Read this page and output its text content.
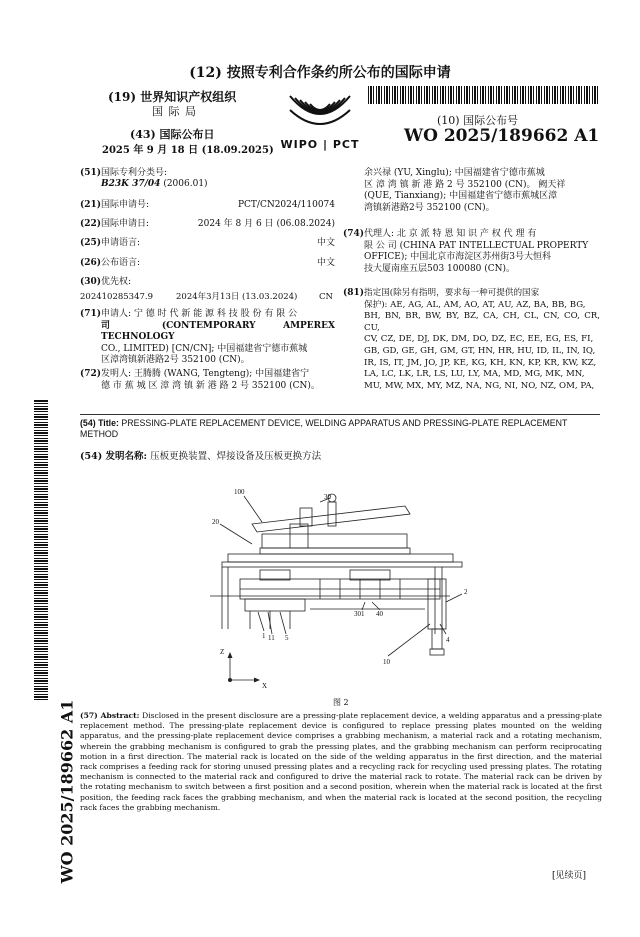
(12) 按照专利合作条约所公布的国际申请
(19) 世界知识产权组织
国 际 局
(43) 国际公布日
2025 年 9 月 18 日 (18.09.2025) WIPO | PCT
(10) 国际公布号
WO 2025/189662 A1
(51) 国际专利分类号:
B23K 37/04 (2006.01)
(21) 国际申请号:	PCT/CN2024/110074
(22) 国际申请日:	2024 年 8 月 6 日 (06.08.2024)
(25) 申请语言:	中文
(26) 公布语言:	中文
(30) 优先权:
202410285347.9	2024年3月13日 (13.03.2024)	CN
(71) 申请人: 宁 德 时 代 新 能 源 科 技 股 份 有 限 公
司 (CONTEMPORARY AMPEREX TECHNOLOGY
CO., LIMITED) [CN/CN]; 中国福建省宁德市蕉城
区漳湾镇新港路2号 352100 (CN)。
(72) 发明人: 王腾腾 (WANG, Tengteng); 中国福建省宁
德 市 蕉 城 区 漳 湾 镇 新 港 路 2 号 352100 (CN)。
余兴禄 (YU, Xinglu); 中国福建省宁德市蕉城
区 漳 湾 镇 新 港 路 2 号 352100 (CN)。 阙天祥
(QUE, Tianxiang); 中国福建省宁德市蕉城区漳
湾镇新港路2号 352100 (CN)。
(74) 代理人: 北 京 派 特 恩 知 识 产 权 代 理 有
限 公 司 (CHINA PAT INTELLECTUAL PROPERTY
OFFICE); 中国北京市海淀区苏州街3号大恒科
技大厦南座五层503 100080 (CN)。
(81) 指定国(除另有指明，要求每一种可提供的国家
保护): AE, AG, AL, AM, AO, AT, AU, AZ, BA, BB, BG,
BH, BN, BR, BW, BY, BZ, CA, CH, CL, CN, CO, CR, CU,
CV, CZ, DE, DJ, DK, DM, DO, DZ, EC, EE, EG, ES, FI,
GB, GD, GE, GH, GM, GT, HN, HR, HU, ID, IL, IN, IQ,
IR, IS, IT, JM, JO, JP, KE, KG, KH, KN, KP, KR, KW, KZ,
LA, LC, LK, LR, LS, LU, LY, MA, MD, MG, MK, MN,
MU, MW, MX, MY, MZ, NA, NG, NI, NO, NZ, OM, PA,
WO 2025/189662 A1
(54) Title: PRESSING-PLATE REPLACEMENT DEVICE, WELDING APPARATUS AND PRESSING-PLATE REPLACEMENT METHOD
(54) 发明名称: 压板更换装置、焊接设备及压板更换方法
100
30
20
2
301 40
1 11 5	4
10
Z
X
图 2
(57) Abstract: Disclosed in the present disclosure are a pressing-plate replacement device, a welding apparatus and a pressing-plate replacement method. The pressing-plate replacement device is configured to replace pressing plates mounted on the welding apparatus, and the pressing-plate replacement device comprises a grabbing mechanism, a material rack and a rotating mechanism, wherein the grabbing mechanism is configured to grab the pressing plates, and the grabbing mechanism can perform reciprocating motion in a first direction. The material rack is located on the side of the welding apparatus in the first direction, and the material rack comprises a feeding rack for storing unused pressing plates and a recycling rack for recycling used pressing plates. The rotating mechanism is connected to the material rack and configured to drive the material rack to rotate. The material rack can be driven by the rotating mechanism to switch between a first position and a second position, wherein when the material rack is located at the first position, the feeding rack faces the grabbing mechanism, and when the material rack is located at the second position, the recycling rack faces the grabbing mechanism.
[见续页]
